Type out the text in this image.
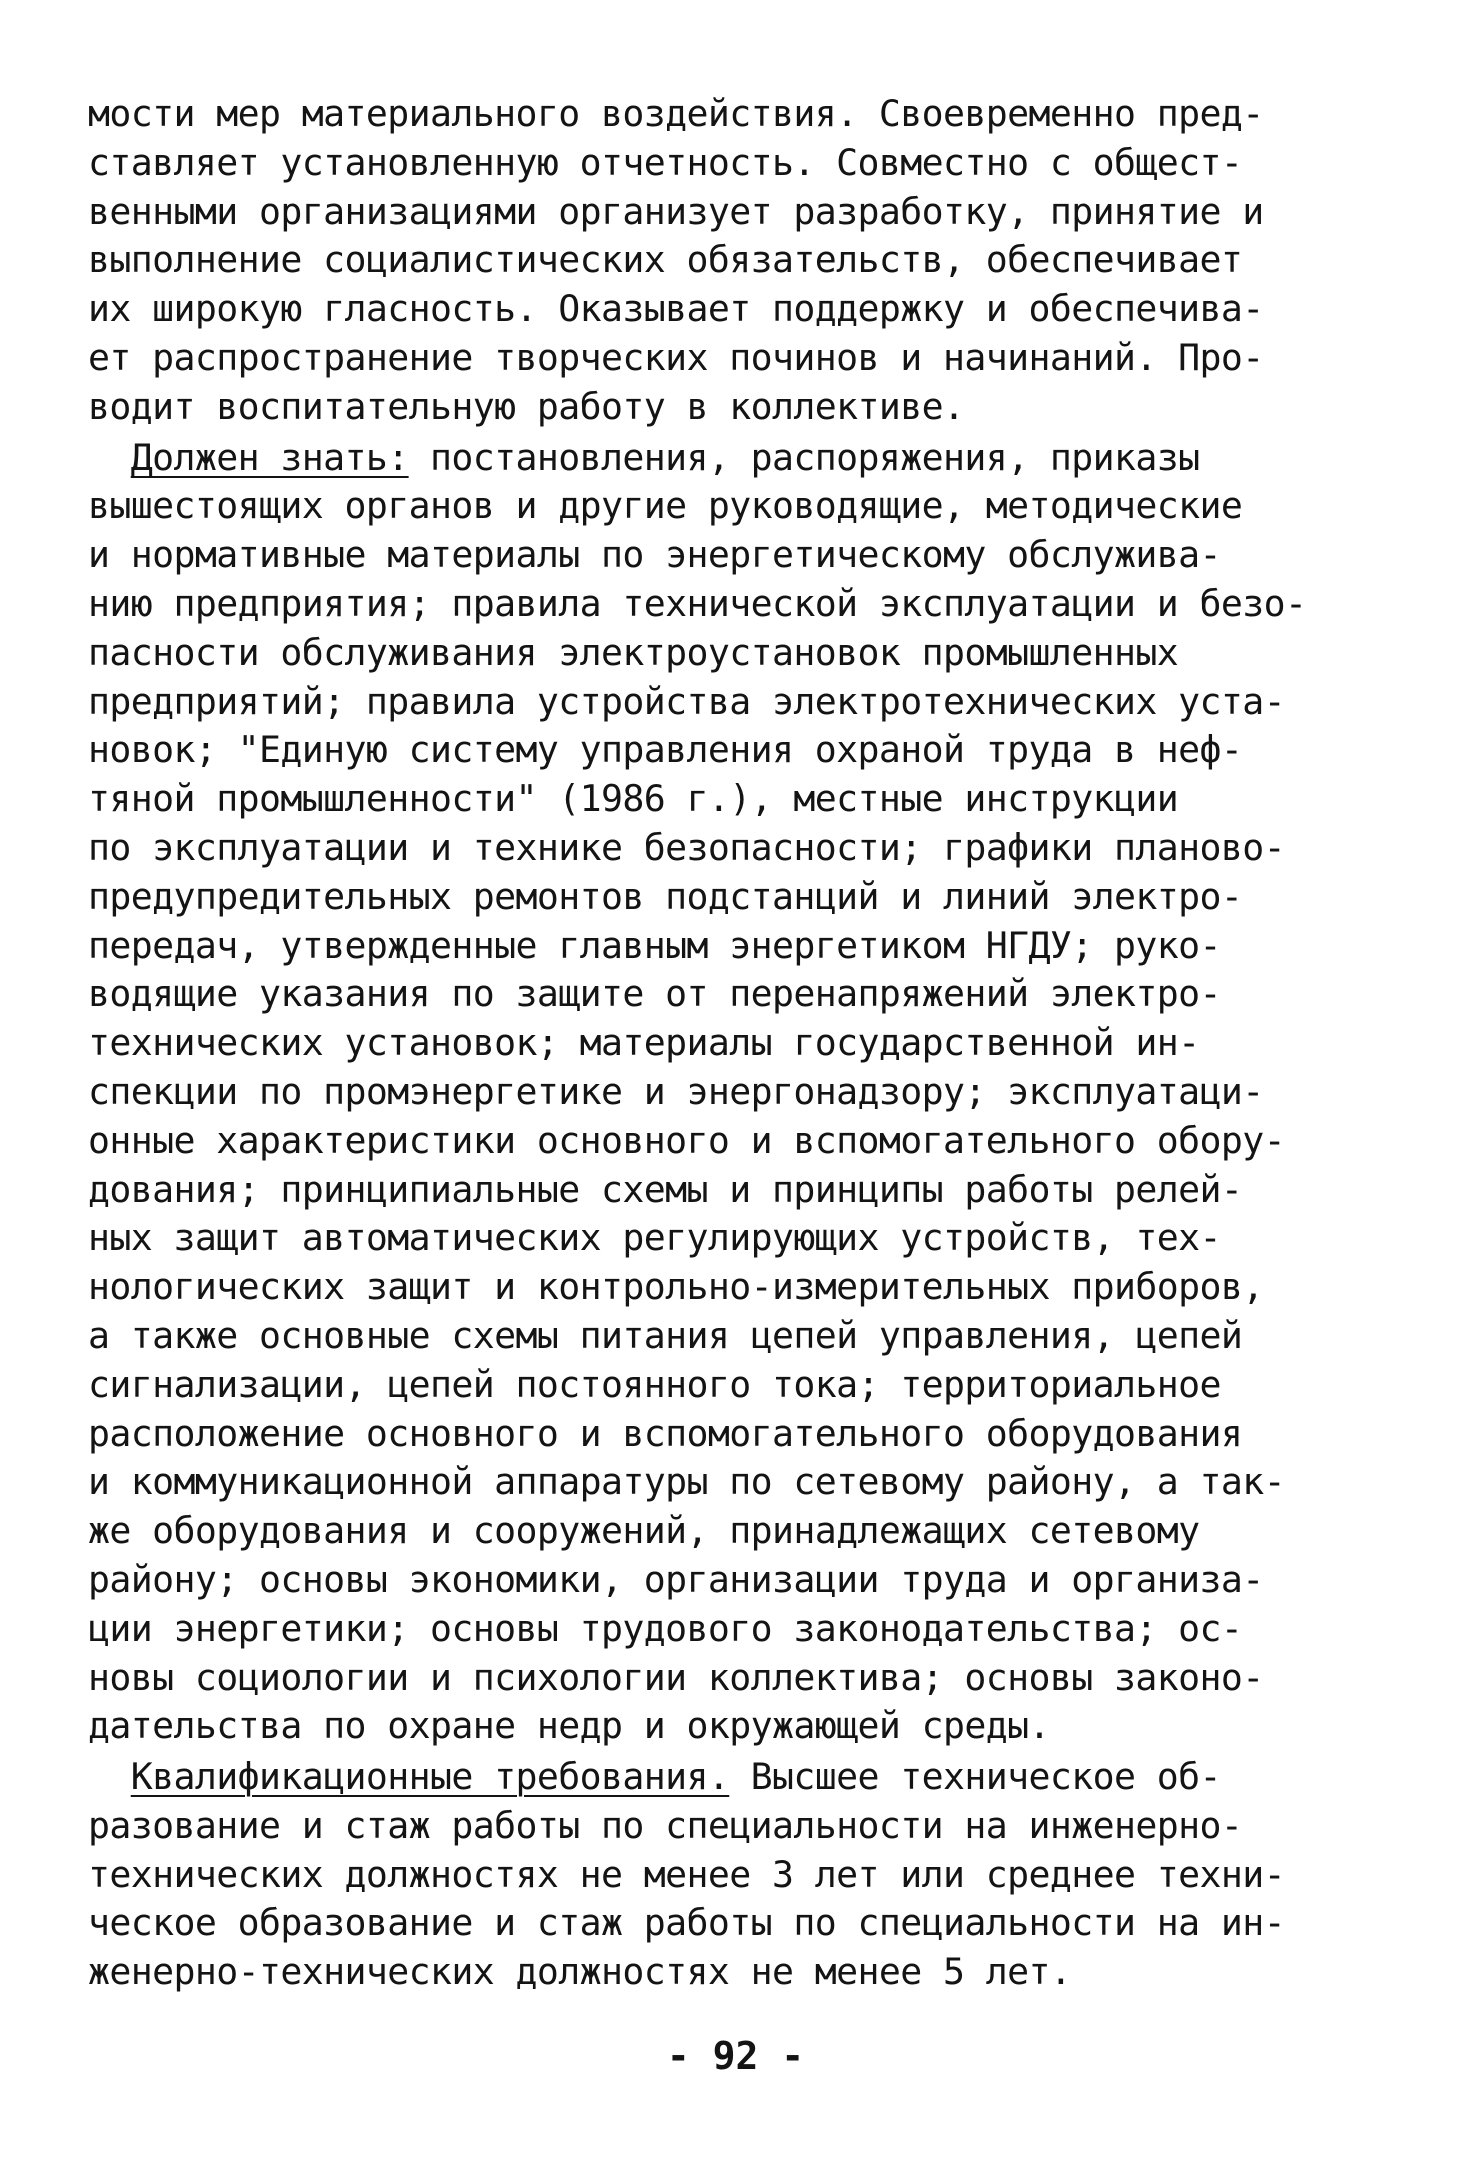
мости мер материального воздействия. Своевременно пред-
ставляет установленную отчетность. Совместно с общест-
венными организациями организует разработку, принятие и
выполнение социалистических обязательств, обеспечивает
их широкую гласность. Оказывает поддержку и обеспечива-
ет распространение творческих починов и начинаний. Про-
водит воспитательную работу в коллективе.
Должен знать: постановления, распоряжения, приказы
вышестоящих органов и другие руководящие, методические
и нормативные материалы по энергетическому обслужива-
нию предприятия; правила технической эксплуатации и безо-
пасности обслуживания электроустановок промышленных
предприятий; правила устройства электротехнических уста-
новок; "Единую систему управления охраной труда в неф-
тяной промышленности" (1986 г.), местные инструкции
по эксплуатации и технике безопасности; графики планово-
предупредительных ремонтов подстанций и линий электро-
передач, утвержденные главным энергетиком НГДУ; руко-
водящие указания по защите от перенапряжений электро-
технических установок; материалы государственной ин-
спекции по промэнергетике и энергонадзору; эксплуатаци-
онные характеристики основного и вспомогательного обору-
дования; принципиальные схемы и принципы работы релей-
ных защит автоматических регулирующих устройств, тех-
нологических защит и контрольно-измерительных приборов,
а также основные схемы питания цепей управления, цепей
сигнализации, цепей постоянного тока; территориальное
расположение основного и вспомогательного оборудования
и коммуникационной аппаратуры по сетевому району, а так-
же оборудования и сооружений, принадлежащих сетевому
району; основы экономики, организации труда и организа-
ции энергетики; основы трудового законодательства; ос-
новы социологии и психологии коллектива; основы законо-
дательства по охране недр и окружающей среды.
Квалификационные требования. Высшее техническое об-
разование и стаж работы по специальности на инженерно-
технических должностях не менее 3 лет или среднее техни-
ческое образование и стаж работы по специальности на ин-
женерно-технических должностях не менее 5 лет.
- 92 -
